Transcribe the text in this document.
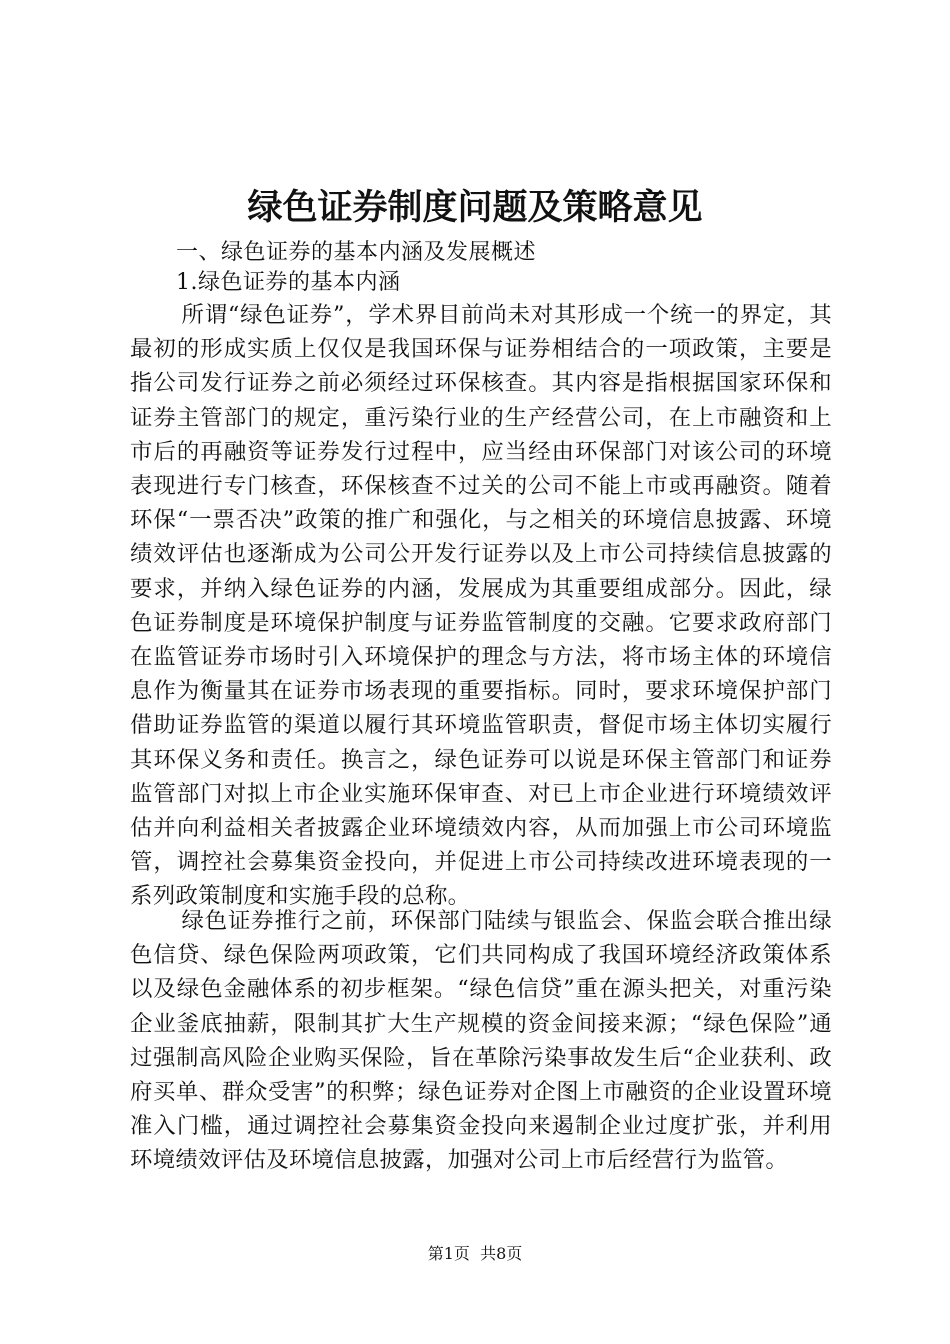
绿色证券制度问题及策略意见
一、绿色证券的基本内涵及发展概述
1.绿色证券的基本内涵
所谓“绿色证券”，学术界目前尚未对其形成一个统一的界定，其最初的形成实质上仅仅是我国环保与证券相结合的一项政策，主要是指公司发行证券之前必须经过环保核查。其内容是指根据国家环保和证券主管部门的规定，重污染行业的生产经营公司，在上市融资和上市后的再融资等证券发行过程中，应当经由环保部门对该公司的环境表现进行专门核查，环保核查不过关的公司不能上市或再融资。随着环保“一票否决”政策的推广和强化，与之相关的环境信息披露、环境绩效评估也逐渐成为公司公开发行证券以及上市公司持续信息披露的要求，并纳入绿色证券的内涵，发展成为其重要组成部分。因此，绿色证券制度是环境保护制度与证券监管制度的交融。它要求政府部门在监管证券市场时引入环境保护的理念与方法，将市场主体的环境信息作为衡量其在证券市场表现的重要指标。同时，要求环境保护部门借助证券监管的渠道以履行其环境监管职责，督促市场主体切实履行其环保义务和责任。换言之，绿色证券可以说是环保主管部门和证券监管部门对拟上市企业实施环保审查、对已上市企业进行环境绩效评估并向利益相关者披露企业环境绩效内容，从而加强上市公司环境监管，调控社会募集资金投向，并促进上市公司持续改进环境表现的一系列政策制度和实施手段的总称。
绿色证券推行之前，环保部门陆续与银监会、保监会联合推出绿色信贷、绿色保险两项政策，它们共同构成了我国环境经济政策体系以及绿色金融体系的初步框架。“绿色信贷”重在源头把关，对重污染企业釜底抽薪，限制其扩大生产规模的资金间接来源；“绿色保险”通过强制高风险企业购买保险，旨在革除污染事故发生后“企业获利、政府买单、群众受害”的积弊；绿色证券对企图上市融资的企业设置环境准入门槛，通过调控社会募集资金投向来遏制企业过度扩张，并利用环境绩效评估及环境信息披露，加强对公司上市后经营行为监管。
第1页 共8页
